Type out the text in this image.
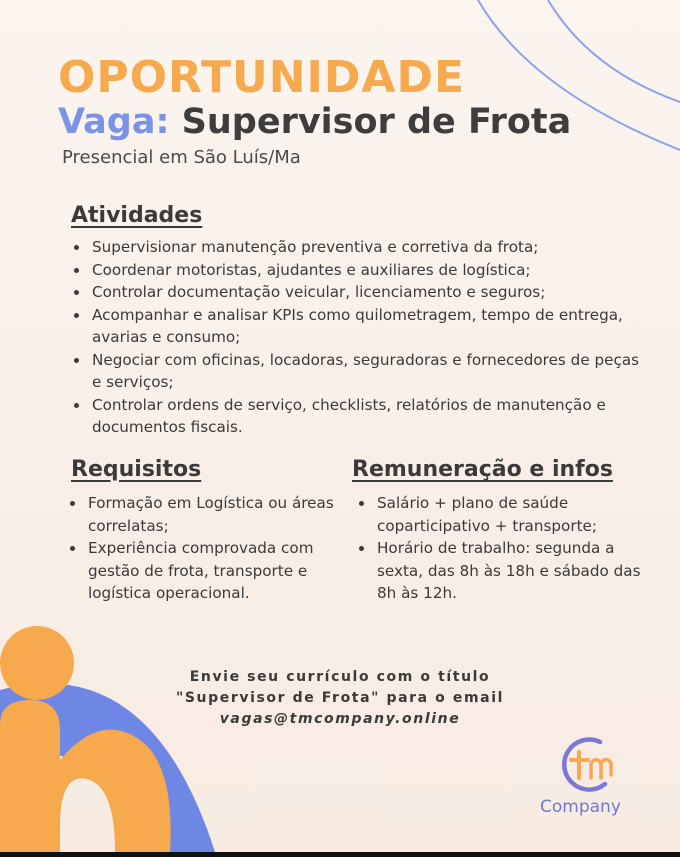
OPORTUNIDADE
Vaga: Supervisor de Frota
Presencial em São Luís/Ma
Atividades
• Supervisionar manutenção preventiva e corretiva da frota;
• Coordenar motoristas, ajudantes e auxiliares de logística;
• Controlar documentação veicular, licenciamento e seguros;
• Acompanhar e analisar KPIs como quilometragem, tempo de entrega, avarias e consumo;
• Negociar com oficinas, locadoras, seguradoras e fornecedores de peças e serviços;
• Controlar ordens de serviço, checklists, relatórios de manutenção e documentos fiscais.
Requisitos
• Formação em Logística ou áreas correlatas;
• Experiência comprovada com gestão de frota, transporte e logística operacional.
Remuneração e infos
• Salário + plano de saúde coparticipativo + transporte;
• Horário de trabalho: segunda a sexta, das 8h às 18h e sábado das 8h às 12h.
Envie seu currículo com o título
"Supervisor de Frota" para o email
vagas@tmcompany.online
Company
